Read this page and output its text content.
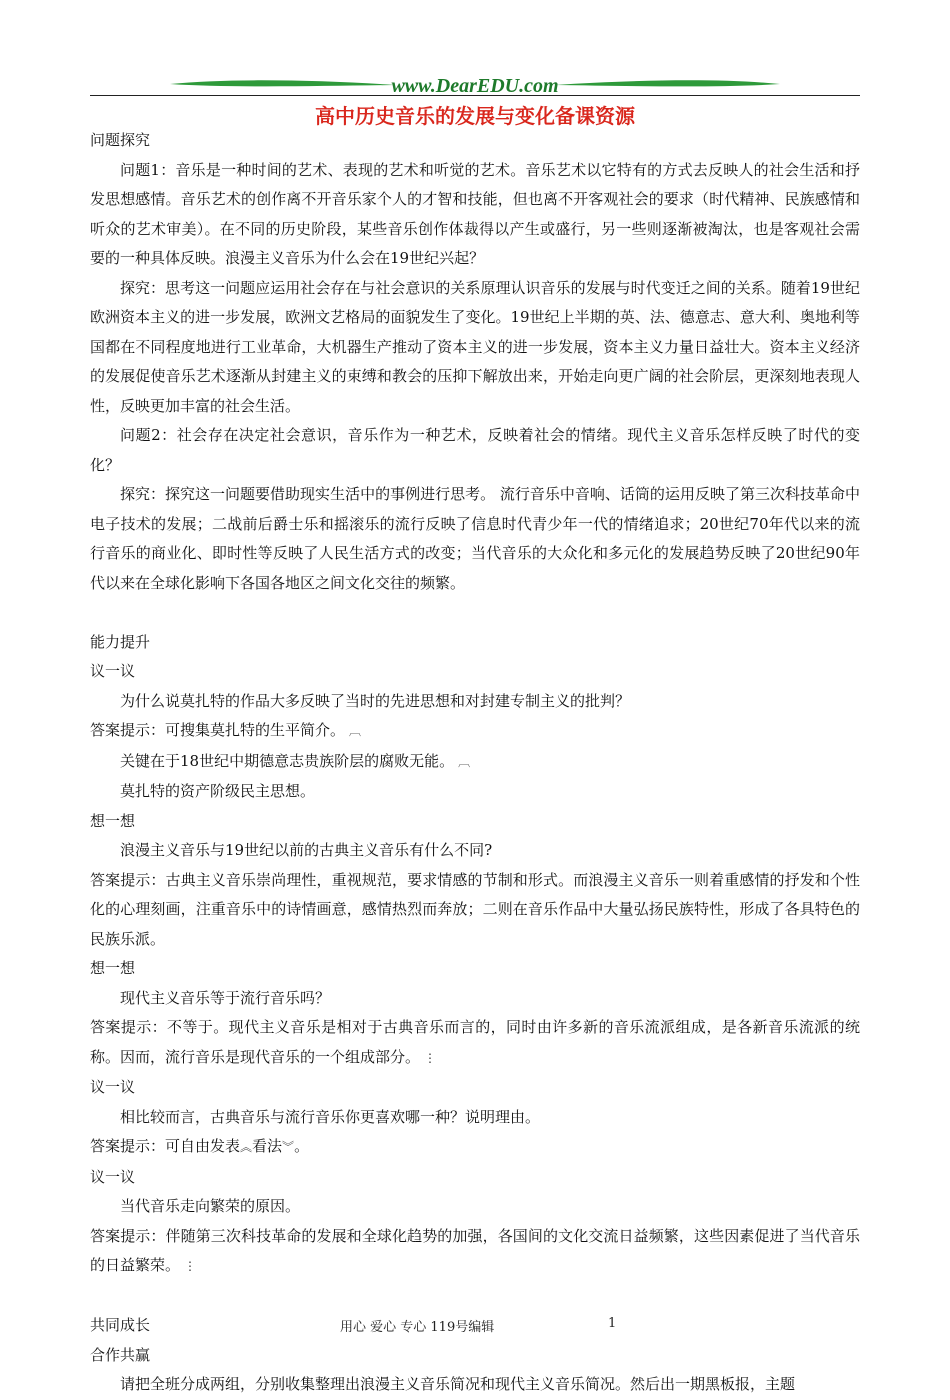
www.DearEDU.com
高中历史音乐的发展与变化备课资源

问题探究

问题1：音乐是一种时间的艺术、表现的艺术和听觉的艺术。音乐艺术以它特有的方式去反映人的社会生活和抒发思想感情。音乐艺术的创作离不开音乐家个人的才智和技能，但也离不开客观社会的要求（时代精神、民族感情和听众的艺术审美）。在不同的历史阶段，某些音乐创作体裁得以产生或盛行，另一些则逐渐被淘汰，也是客观社会需要的一种具体反映。浪漫主义音乐为什么会在19世纪兴起？

探究：思考这一问题应运用社会存在与社会意识的关系原理认识音乐的发展与时代变迁之间的关系。随着19世纪欧洲资本主义的进一步发展，欧洲文艺格局的面貌发生了变化。19世纪上半期的英、法、德意志、意大利、奥地利等国都在不同程度地进行工业革命，大机器生产推动了资本主义的进一步发展，资本主义力量日益壮大。资本主义经济的发展促使音乐艺术逐渐从封建主义的束缚和教会的压抑下解放出来，开始走向更广阔的社会阶层，更深刻地表现人性，反映更加丰富的社会生活。

问题2：社会存在决定社会意识，音乐作为一种艺术，反映着社会的情绪。现代主义音乐怎样反映了时代的变化？

探究：探究这一问题要借助现实生活中的事例进行思考。 流行音乐中音响、话筒的运用反映了第三次科技革命中电子技术的发展；二战前后爵士乐和摇滚乐的流行反映了信息时代青少年一代的情绪追求；20世纪70年代以来的流行音乐的商业化、即时性等反映了人民生活方式的改变；当代音乐的大众化和多元化的发展趋势反映了20世纪90年代以来在全球化影响下各国各地区之间文化交往的频繁。

能力提升

议一议

为什么说莫扎特的作品大多反映了当时的先进思想和对封建专制主义的批判？

答案提示：可搜集莫扎特的生平简介。 ︹

关键在于18世纪中期德意志贵族阶层的腐败无能。 ︹

莫扎特的资产阶级民主思想。

想一想

浪漫主义音乐与19世纪以前的古典主义音乐有什么不同?

答案提示：古典主义音乐崇尚理性，重视规范，要求情感的节制和形式。而浪漫主义音乐一则着重感情的抒发和个性化的心理刻画，注重音乐中的诗情画意，感情热烈而奔放；二则在音乐作品中大量弘扬民族特性，形成了各具特色的民族乐派。

想一想

现代主义音乐等于流行音乐吗？

答案提示：不等于。现代主义音乐是相对于古典音乐而言的，同时由许多新的音乐流派组成，是各新音乐流派的统称。因而，流行音乐是现代音乐的一个组成部分。 ⋮

议一议

相比较而言，古典音乐与流行音乐你更喜欢哪一种？说明理由。

答案提示：可自由发表︽看法︾。

议一议

当代音乐走向繁荣的原因。

答案提示：伴随第三次科技革命的发展和全球化趋势的加强，各国间的文化交流日益频繁，这些因素促进了当代音乐的日益繁荣。 ⋮

共同成长

合作共赢

请把全班分成两组，分别收集整理出浪漫主义音乐简况和现代主义音乐简况。然后出一期黑板报，主题

用心 爱心 专心 119号编辑	1
